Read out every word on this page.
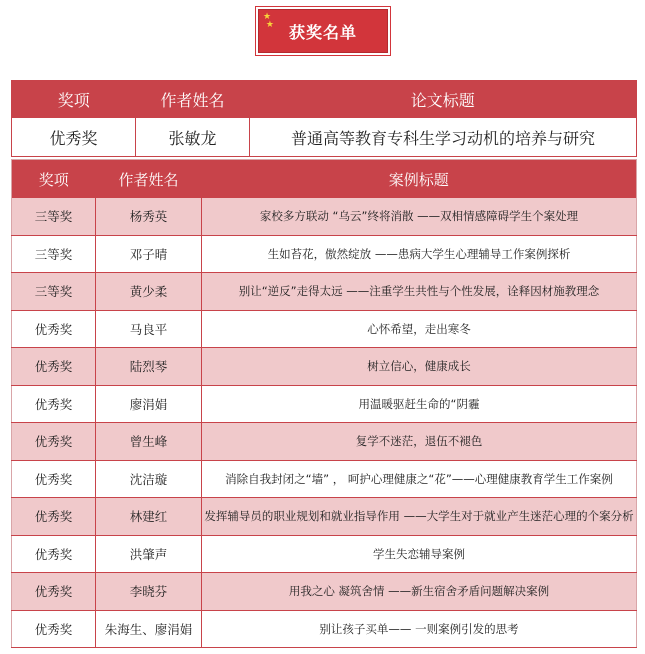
★
★ 获奖名单
奖项	作者姓名	论文标题
优秀奖	张敏龙	普通高等教育专科生学习动机的培养与研究
奖项	作者姓名	案例标题
三等奖	杨秀英	家校多方联动 “乌云”终将消散 ——双相情感障碍学生个案处理
三等奖	邓子晴	生如苔花，傲然绽放 ——患病大学生心理辅导工作案例探析
三等奖	黄少柔	别让“逆反”走得太远 ——注重学生共性与个性发展，诠释因材施教理念
优秀奖	马良平	心怀希望，走出寒冬
优秀奖	陆烈琴	树立信心，健康成长
优秀奖	廖涓娟	用温暖驱赶生命的“阴霾
优秀奖	曾生峰	复学不迷茫，退伍不褪色
优秀奖	沈洁璇	消除自我封闭之“墙” ， 呵护心理健康之“花”——心理健康教育学生工作案例
优秀奖	林建红	发挥辅导员的职业规划和就业指导作用 ——大学生对于就业产生迷茫心理的个案分析
优秀奖	洪肇声	学生失恋辅导案例
优秀奖	李晓芬	用我之心 凝筑舍情 ——新生宿舍矛盾问题解决案例
优秀奖	朱海生、廖涓娟	别让孩子买单—— 一则案例引发的思考
